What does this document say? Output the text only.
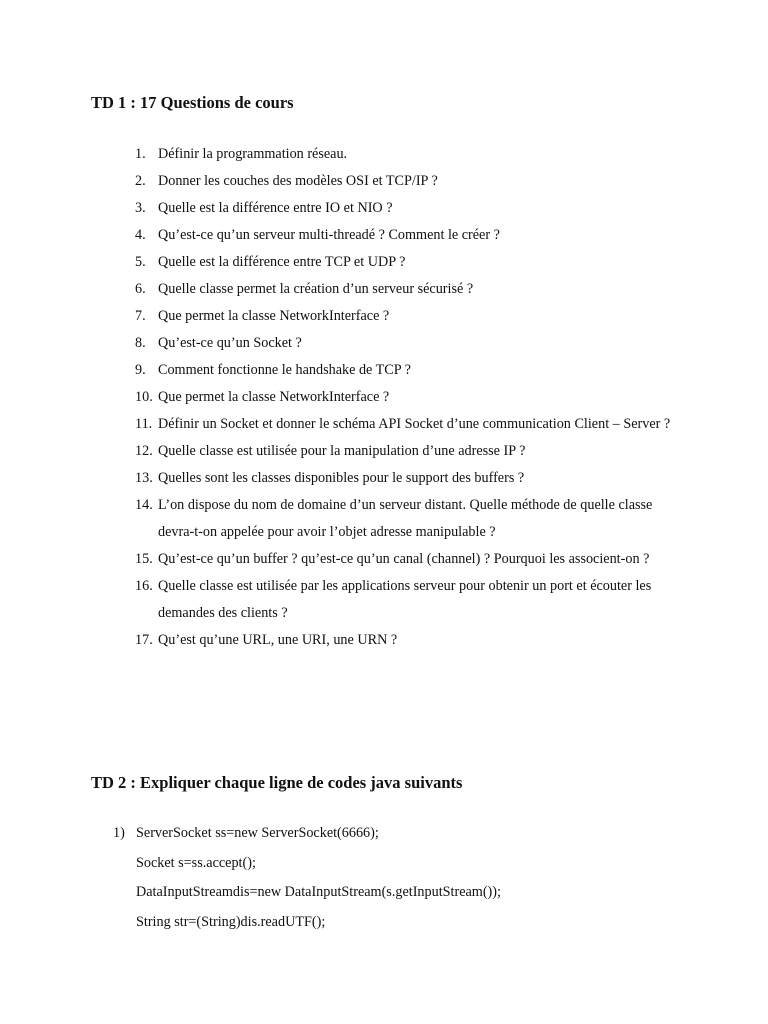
TD 1 : 17 Questions de cours
1. Définir la programmation réseau.
2. Donner les couches des modèles OSI et TCP/IP ?
3. Quelle est la différence entre IO et NIO ?
4. Qu’est-ce qu’un serveur multi-threadé ? Comment le créer ?
5. Quelle est la différence entre TCP et UDP ?
6. Quelle classe permet la création d’un serveur sécurisé ?
7. Que permet la classe NetworkInterface ?
8. Qu’est-ce qu’un Socket ?
9. Comment fonctionne le handshake de TCP ?
10. Que permet la classe NetworkInterface ?
11. Définir un Socket et donner le schéma API Socket d’une communication Client – Server ?
12. Quelle classe est utilisée pour la manipulation d’une adresse IP ?
13. Quelles sont les classes disponibles pour le support des buffers ?
14. L’on dispose du nom de domaine d’un serveur distant. Quelle méthode de quelle classe devra-t-on appelée pour avoir l’objet adresse manipulable ?
15. Qu’est-ce qu’un buffer ? qu’est-ce qu’un canal (channel) ? Pourquoi les associent-on ?
16. Quelle classe est utilisée par les applications serveur pour obtenir un port et écouter les demandes des clients ?
17. Qu’est qu’une URL, une URI, une URN ?
TD 2 : Expliquer chaque ligne de codes java suivants
1) ServerSocket ss=new ServerSocket(6666);
Socket s=ss.accept();
DataInputStreamdis=new DataInputStream(s.getInputStream());
String str=(String)dis.readUTF();
